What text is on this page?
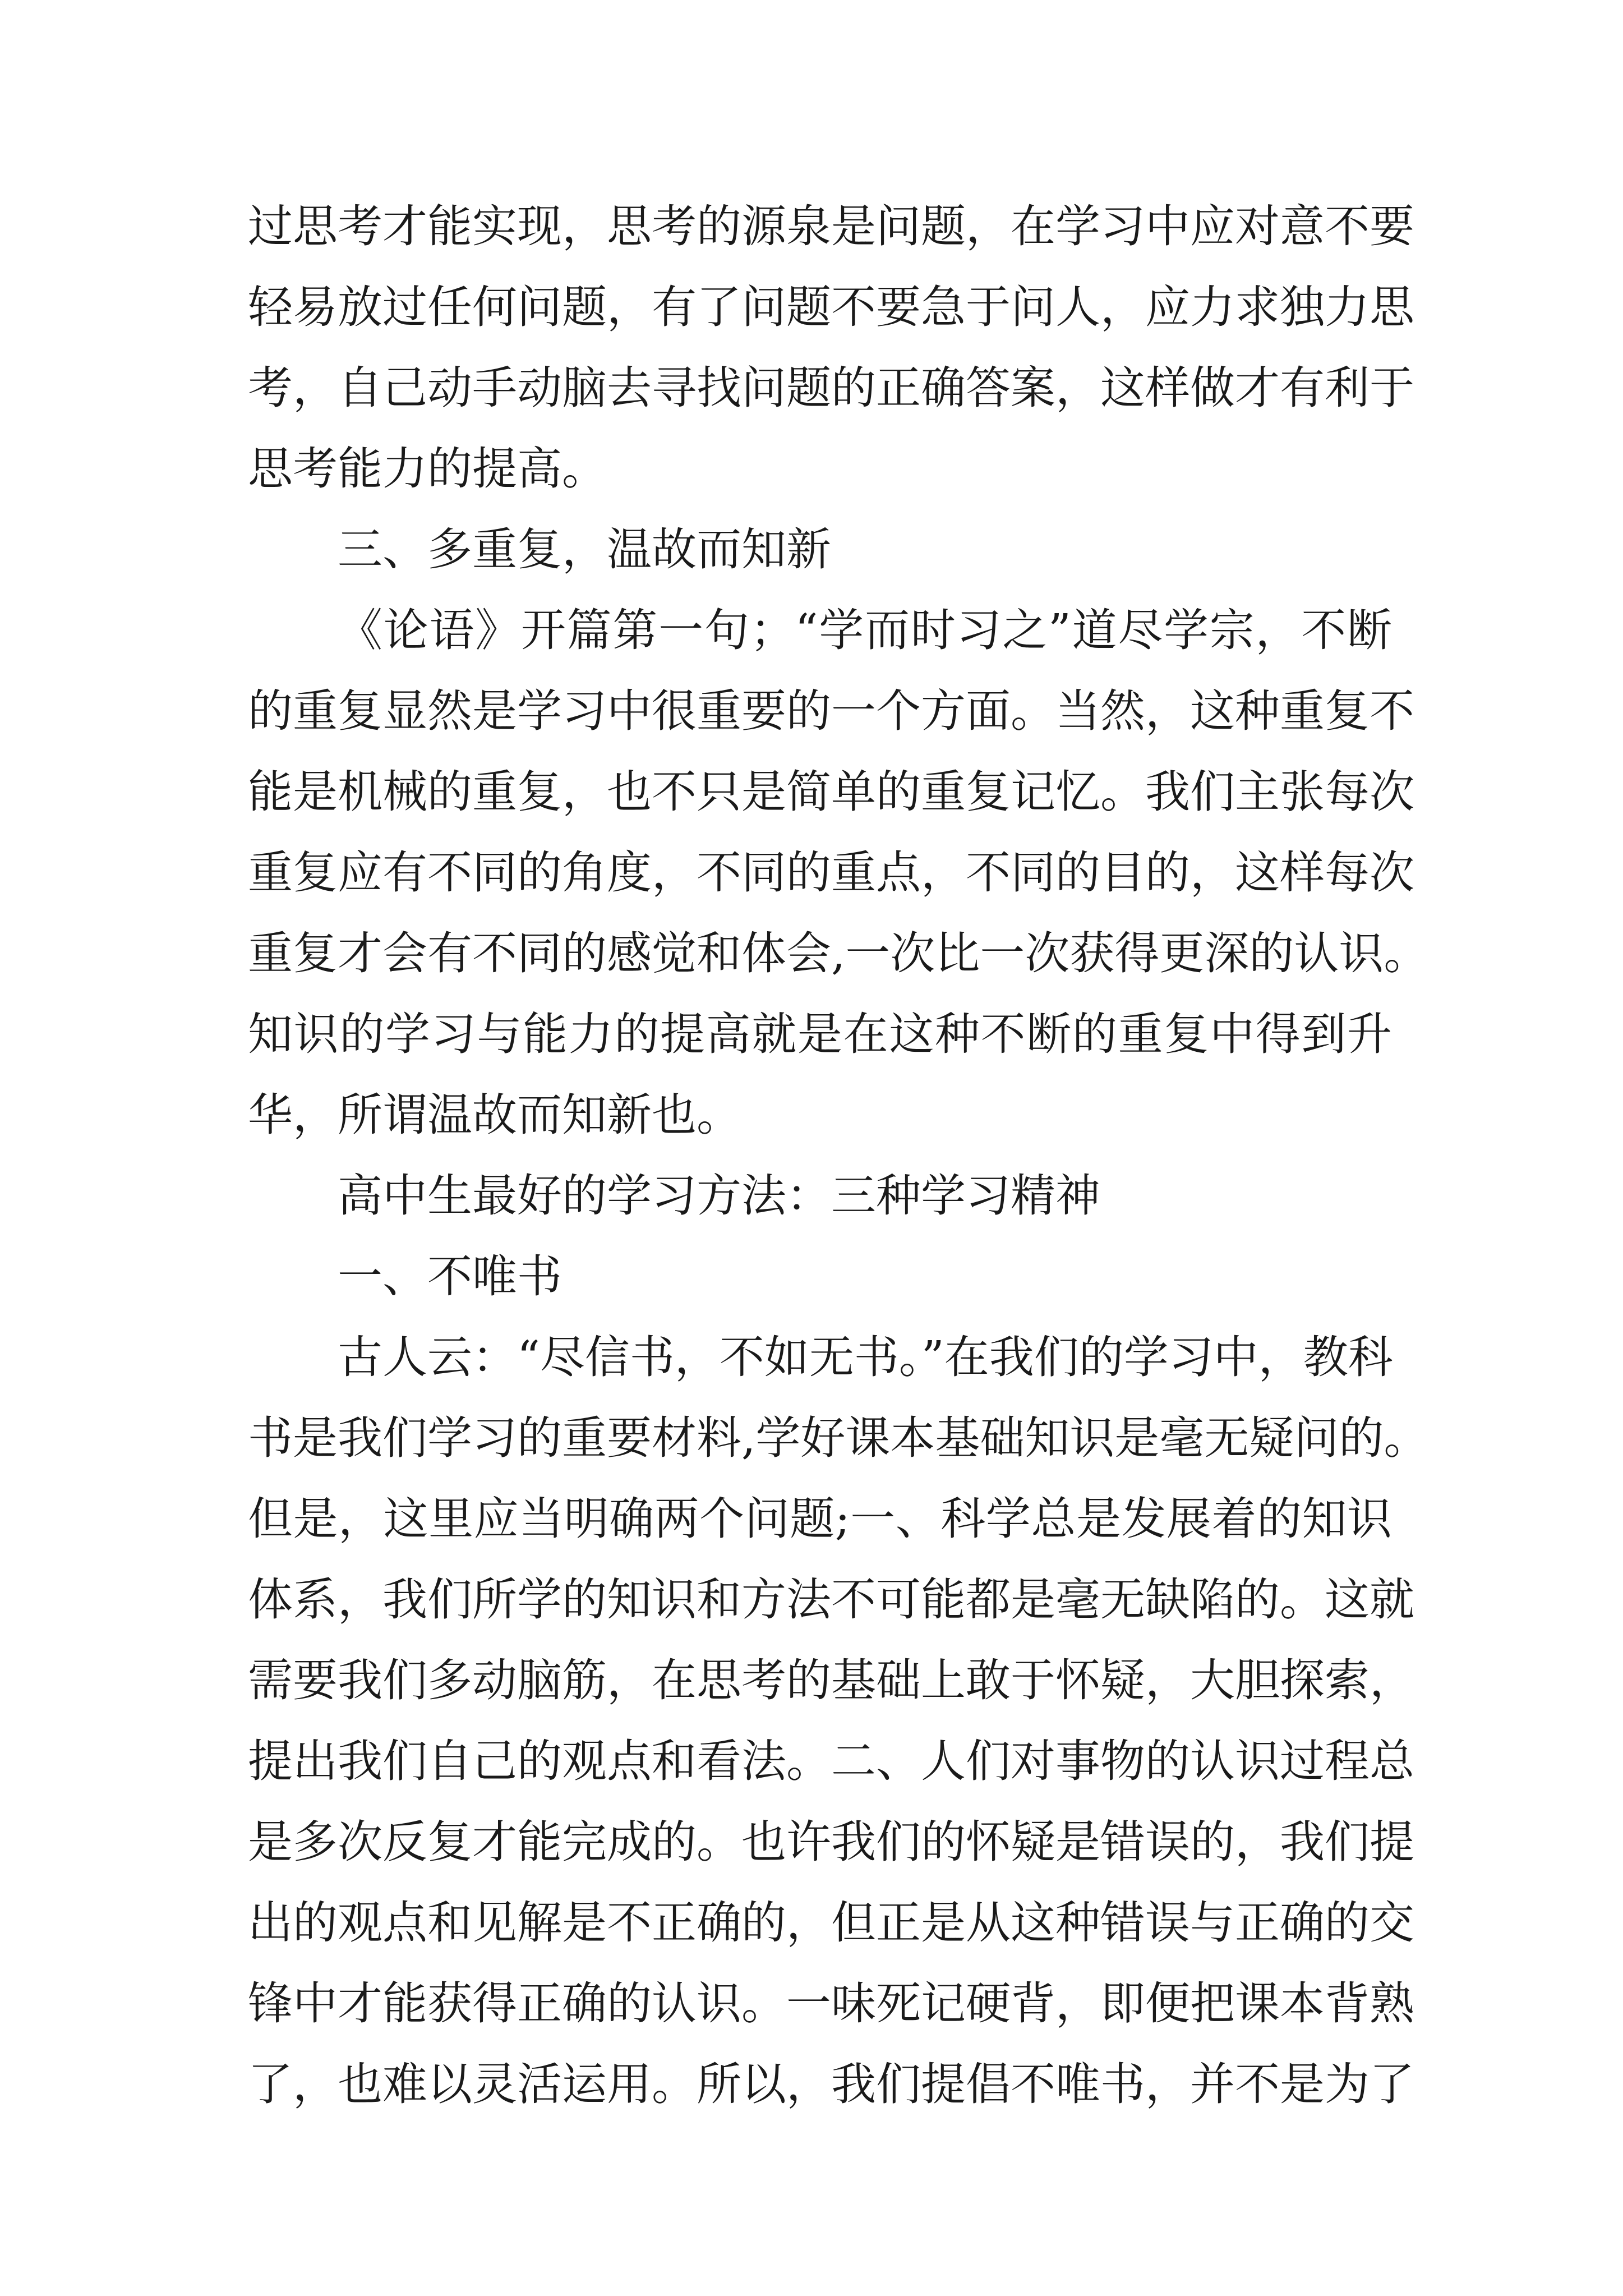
过思考才能实现，思考的源泉是问题，在学习中应对意不要
轻易放过任何问题，有了问题不要急于问人，应力求独力思
考，自己动手动脑去寻找问题的正确答案，这样做才有利于
思考能力的提高。
三、多重复，温故而知新
《论语》开篇第一句；“学而时习之”道尽学宗，不断
的重复显然是学习中很重要的一个方面。当然，这种重复不
能是机械的重复，也不只是简单的重复记忆。我们主张每次
重复应有不同的角度，不同的重点，不同的目的，这样每次
重复才会有不同的感觉和体会,一次比一次获得更深的认识。
知识的学习与能力的提高就是在这种不断的重复中得到升
华，所谓温故而知新也。
高中生最好的学习方法：三种学习精神
一、不唯书
古人云：“尽信书，不如无书。”在我们的学习中，教科
书是我们学习的重要材料,学好课本基础知识是毫无疑问的。
但是，这里应当明确两个问题;一、科学总是发展着的知识
体系，我们所学的知识和方法不可能都是毫无缺陷的。这就
需要我们多动脑筋，在思考的基础上敢于怀疑，大胆探索，
提出我们自己的观点和看法。二、人们对事物的认识过程总
是多次反复才能完成的。也许我们的怀疑是错误的，我们提
出的观点和见解是不正确的，但正是从这种错误与正确的交
锋中才能获得正确的认识。一味死记硬背，即便把课本背熟
了，也难以灵活运用。所以，我们提倡不唯书，并不是为了
